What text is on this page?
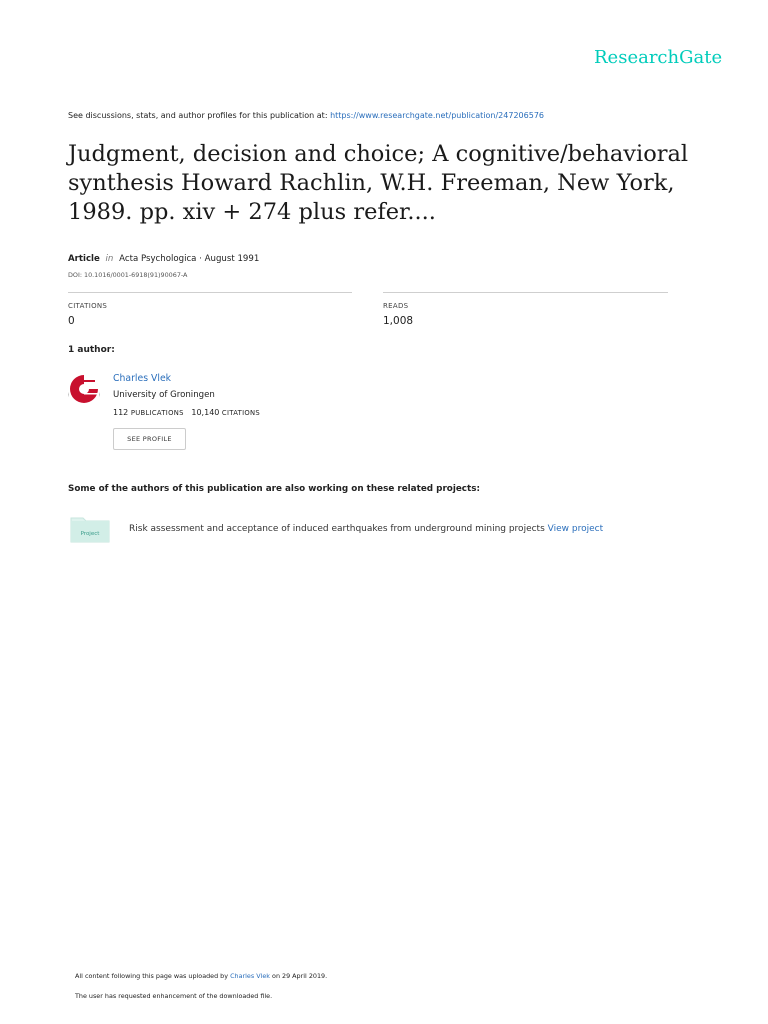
ResearchGate
See discussions, stats, and author profiles for this publication at: https://www.researchgate.net/publication/247206576
Judgment, decision and choice; A cognitive/behavioral synthesis Howard Rachlin, W.H. Freeman, New York, 1989. pp. xiv + 274 plus refer....
Article in Acta Psychologica · August 1991
DOI: 10.1016/0001-6918(91)90067-A
CITATIONS
0
READS
1,008
1 author:
Charles Vlek
University of Groningen
112 PUBLICATIONS 10,140 CITATIONS
SEE PROFILE
Some of the authors of this publication are also working on these related projects:
Project	Risk assessment and acceptance of induced earthquakes from underground mining projects View project
All content following this page was uploaded by Charles Vlek on 29 April 2019.
The user has requested enhancement of the downloaded file.
